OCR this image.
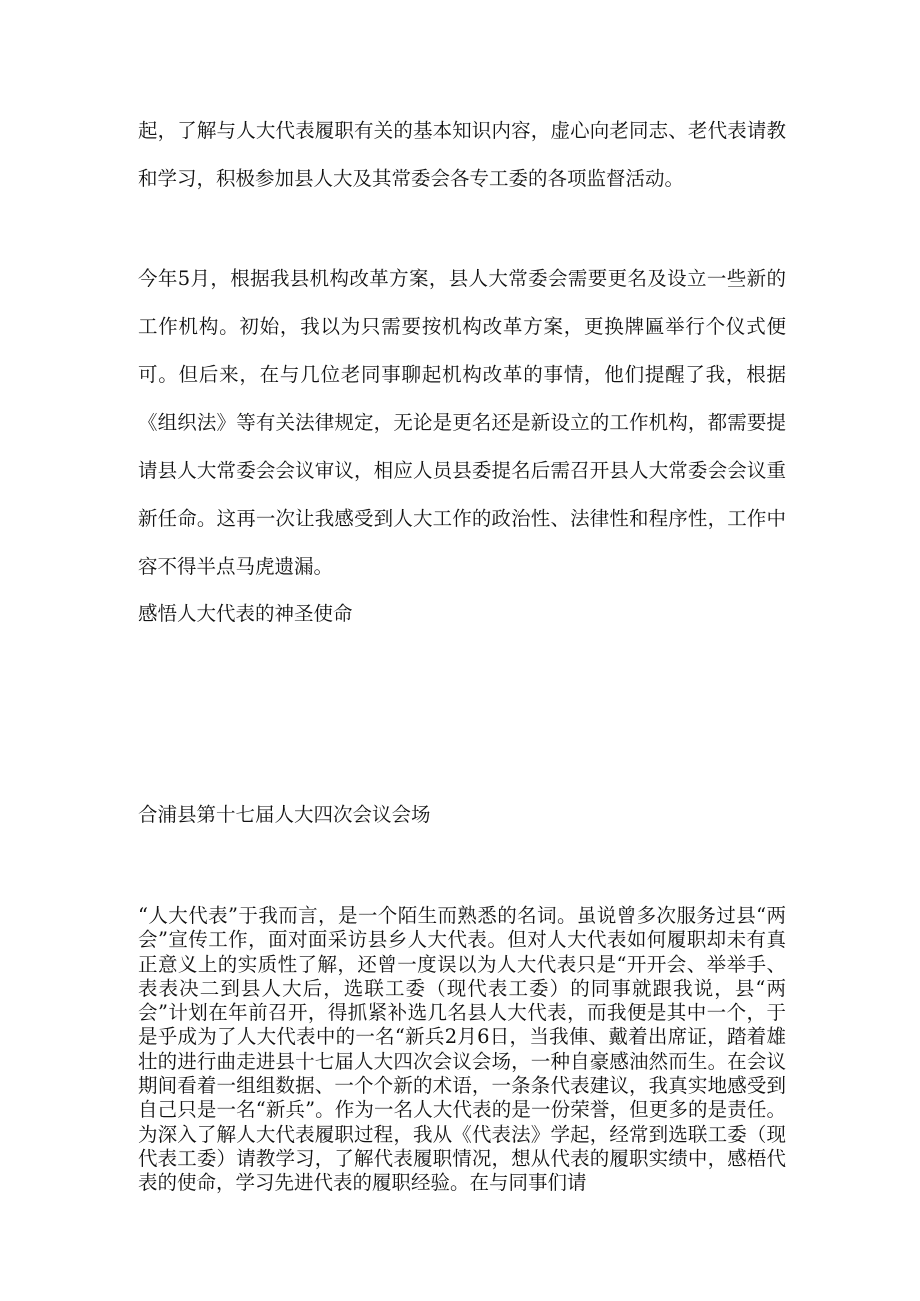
起，了解与人大代表履职有关的基本知识内容，虚心向老同志、老代表请教和学习，积极参加县人大及其常委会各专工委的各项监督活动。

今年5月，根据我县机构改革方案，县人大常委会需要更名及设立一些新的工作机构。初始，我以为只需要按机构改革方案，更换牌匾举行个仪式便可。但后来，在与几位老同事聊起机构改革的事情，他们提醒了我，根据《组织法》等有关法律规定，无论是更名还是新设立的工作机构，都需要提请县人大常委会会议审议，相应人员县委提名后需召开县人大常委会会议重新任命。这再一次让我感受到人大工作的政治性、法律性和程序性，工作中容不得半点马虎遗漏。

感悟人大代表的神圣使命

合浦县第十七届人大四次会议会场

“人大代表”于我而言，是一个陌生而熟悉的名词。虽说曾多次服务过县“两会”宣传工作，面对面采访县乡人大代表。但对人大代表如何履职却未有真正意义上的实质性了解，还曾一度误以为人大代表只是“开开会、举举手、表表决二到县人大后，选联工委（现代表工委）的同事就跟我说，县“两会”计划在年前召开，得抓紧补选几名县人大代表，而我便是其中一个，于是乎成为了人大代表中的一名“新兵2月6日，当我俥、戴着出席证，踏着雄壮的进行曲走进县十七届人大四次会议会场，一种自豪感油然而生。在会议期间看着一组组数据、一个个新的术语，一条条代表建议，我真实地感受到自己只是一名“新兵”。作为一名人大代表的是一份荣誉，但更多的是责任。为深入了解人大代表履职过程，我从《代表法》学起，经常到选联工委（现代表工委）请教学习，了解代表履职情况，想从代表的履职实绩中，感梧代表的使命，学习先进代表的履职经验。在与同事们请
